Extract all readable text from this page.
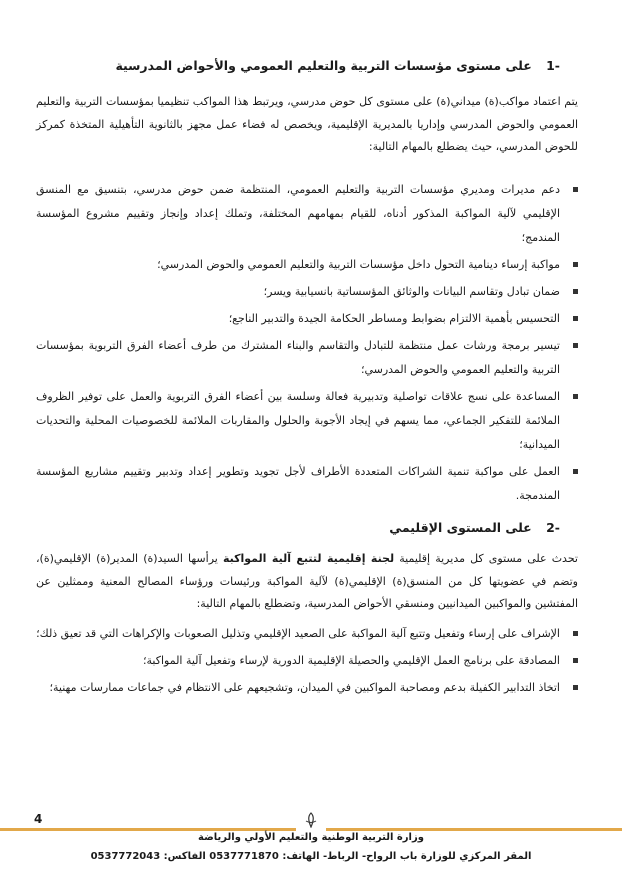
-1 على مستوى مؤسسات التربية والتعليم العمومي والأحواض المدرسية
يتم اعتماد مواكب(ة) ميداني(ة) على مستوى كل حوض مدرسي، ويرتبط هذا المواكب تنظيميا بمؤسسات التربية والتعليم العمومي والحوض المدرسي وإداريا بالمديرية الإقليمية، ويخصص له فضاء عمل مجهز بالثانوية التأهيلية المتخذة كمركز للحوض المدرسي، حيث يضطلع بالمهام التالية:
دعم مديرات ومديري مؤسسات التربية والتعليم العمومي، المنتظمة ضمن حوض مدرسي، بتنسيق مع المنسق الإقليمي لآلية المواكبة المذكور أدناه، للقيام بمهامهم المختلفة، وتملك إعداد وإنجاز وتقييم مشروع المؤسسة المندمج؛
مواكبة إرساء دينامية التحول داخل مؤسسات التربية والتعليم العمومي والحوض المدرسي؛
ضمان تبادل وتقاسم البيانات والوثائق المؤسساتية بانسيابية ويسر؛
التحسيس بأهمية الالتزام بضوابط ومساطر الحكامة الجيدة والتدبير الناجع؛
تيسير برمجة ورشات عمل منتظمة للتبادل والتقاسم والبناء المشترك من طرف أعضاء الفرق التربوية بمؤسسات التربية والتعليم العمومي والحوض المدرسي؛
المساعدة على نسج علاقات تواصلية وتدبيرية فعالة وسلسة بين أعضاء الفرق التربوية والعمل على توفير الظروف الملائمة للتفكير الجماعي، مما يسهم في إيجاد الأجوبة والحلول والمقاربات الملائمة للخصوصيات المحلية والتحديات الميدانية؛
العمل على مواكبة تنمية الشراكات المتعددة الأطراف لأجل تجويد وتطوير إعداد وتدبير وتقييم مشاريع المؤسسة المندمجة.
-2 على المستوى الإقليمي
تحدث على مستوى كل مديرية إقليمية لجنة إقليمية لتتبع آلية المواكبة يرأسها السيد(ة) المدير(ة) الإقليمي(ة)، وتضم في عضويتها كل من المنسق(ة) الإقليمي(ة) لآلية المواكبة ورئيسات ورؤساء المصالح المعنية وممثلين عن المفتشين والمواكبين الميدانيين ومنسقي الأحواض المدرسية، وتضطلع بالمهام التالية:
الإشراف على إرساء وتفعيل وتتبع آلية المواكبة على الصعيد الإقليمي وتذليل الصعوبات والإكراهات التي قد تعيق ذلك؛
المصادقة على برنامج العمل الإقليمي والحصيلة الإقليمية الدورية لإرساء وتفعيل آلية المواكبة؛
اتخاذ التدابير الكفيلة بدعم ومصاحبة المواكبين في الميدان، وتشجيعهم على الانتظام في جماعات ممارسات مهنية؛
4
وزارة التربية الوطنية والتعليم الأولي والرياضة
المقر المركزي للوزارة باب الرواح- الرباط- الهاتف: 0537771870 الفاكس: 0537772043
